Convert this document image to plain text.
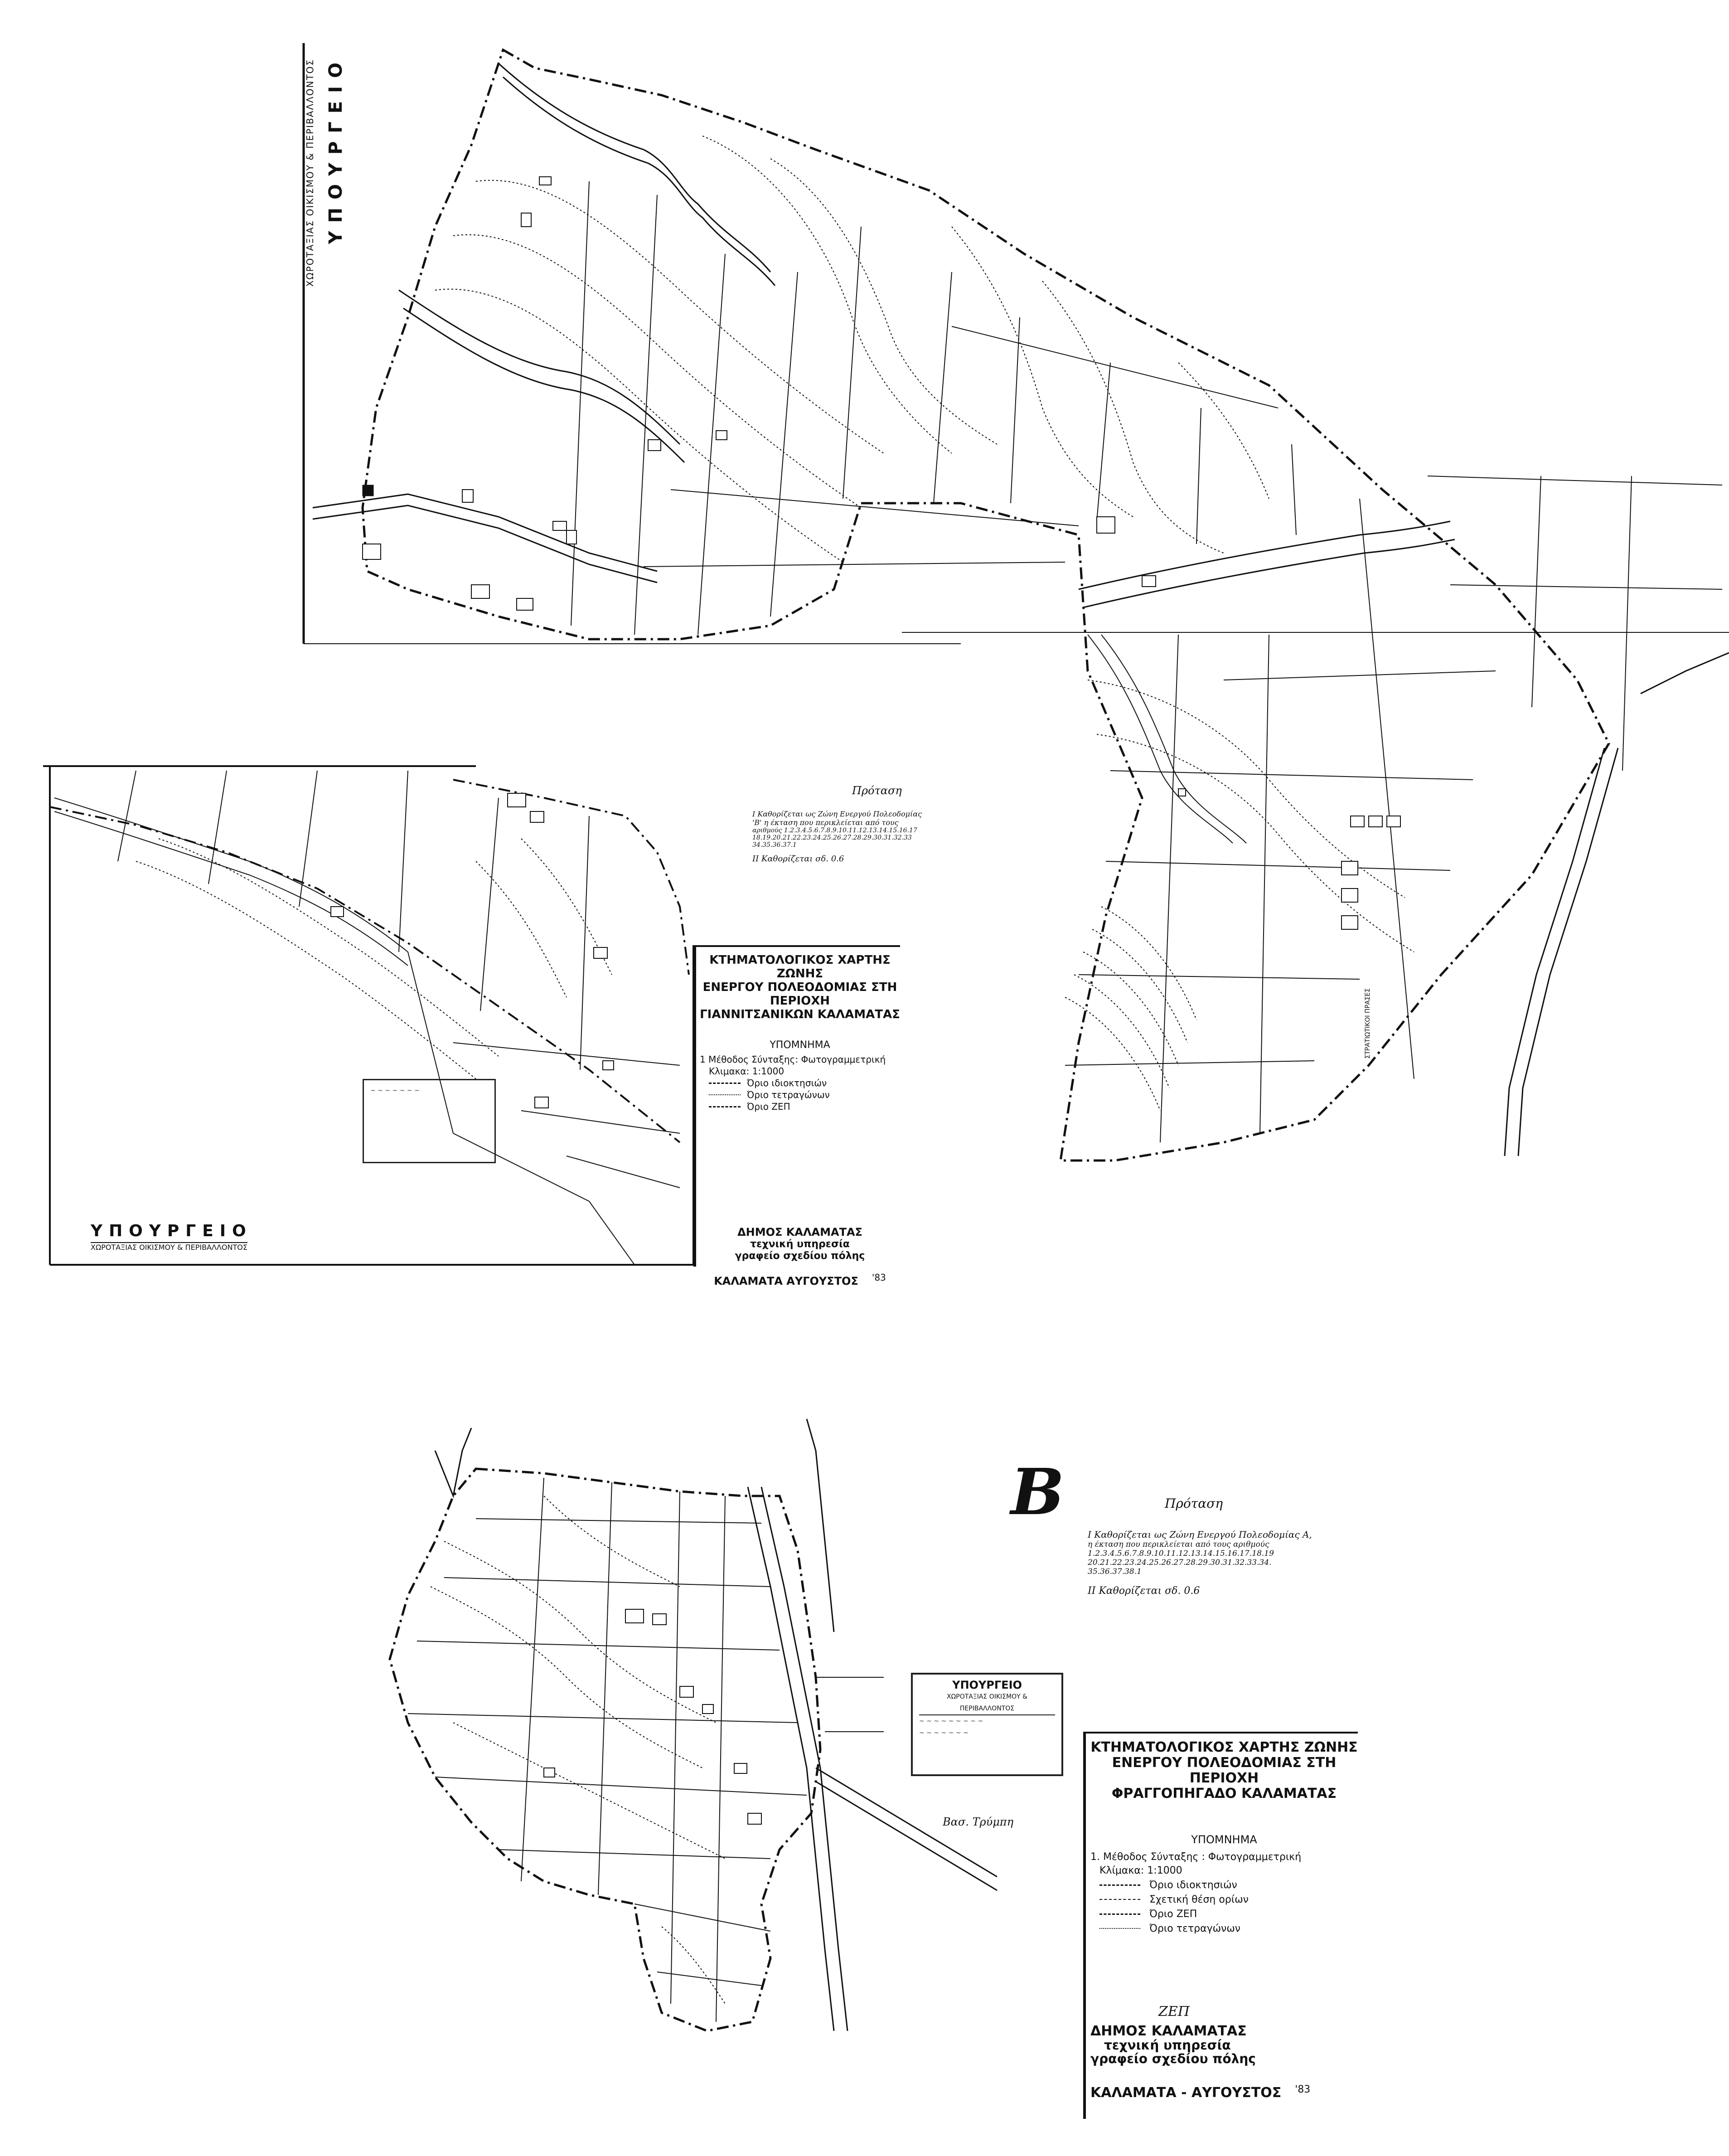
ΥΠΟΥΡΓΕΙΟ
ΧΩΡΟΤΑΞΙΑΣ ΟΙΚΙΣΜΟΥ & ΠΕΡΙΒΑΛΛΟΝΤΟΣ
Πρόταση
Ι Καθορίζεται ως Ζώνη Ενεργού Πολεοδομίας
'Β' η έκταση που περικλείεται από τους
αριθμούς 1.2.3.4.5.6.7.8.9.10.11.12.13.14.15.16.17
18.19.20.21.22.23.24.25.26.27.28.29.30.31.32.33
34.35.36.37.1
ΙΙ Καθορίζεται σδ. 0.6
ΚΤΗΜΑΤΟΛΟΓΙΚΟΣ ΧΑΡΤΗΣ ΖΩΝΗΣ
ΕΝΕΡΓΟΥ ΠΟΛΕΟΔΟΜΙΑΣ ΣΤΗ ΠΕΡΙΟΧΗ
ΓΙΑΝΝΙΤΣΑΝΙΚΩΝ ΚΑΛΑΜΑΤΑΣ
ΥΠΟΜΝΗΜΑ
1 Μέθοδος Σύνταξης: Φωτογραμμετρική
Κλιμακα: 1:1000
Όριο ιδιοκτησιών
Όριο τετραγώνων
Όριο ΖΕΠ
ΔΗΜΟΣ ΚΑΛΑΜΑΤΑΣ
τεχνική υπηρεσία
γραφείο σχεδίου πόλης
ΚΑΛΑΜΑΤΑ ΑΥΓΟΥΣΤΟΣ '83
ΥΠΟΥΡΓΕΙΟ
ΧΩΡΟΤΑΞΙΑΣ ΟΙΚΙΣΜΟΥ & ΠΕΡΙΒΑΛΛΟΝΤΟΣ
~ ~ ~ ~ ~ ~ ~
ΣΤΡΑΤΙΩΤΙΚΟΙ ΠΡΑΣΕΣ
B	Πρόταση
Ι Καθορίζεται ως Ζώνη Ενεργού Πολεοδομίας Α,
η έκταση που περικλείεται από τους αριθμούς
1.2.3.4.5.6.7.8.9.10.11.12.13.14.15.16.17.18.19
20.21.22.23.24.25.26.27.28.29.30.31.32.33.34.
35.36.37.38.1
ΙΙ Καθορίζεται σδ. 0.6
ΚΤΗΜΑΤΟΛΟΓΙΚΟΣ ΧΑΡΤΗΣ ΖΩΝΗΣ
ΕΝΕΡΓΟΥ ΠΟΛΕΟΔΟΜΙΑΣ ΣΤΗ ΠΕΡΙΟΧΗ
ΦΡΑΓΓΟΠΗΓΑΔΟ ΚΑΛΑΜΑΤΑΣ
ΥΠΟΜΝΗΜΑ
1. Μέθοδος Σύνταξης : Φωτογραμμετρική
Κλίμακα: 1:1000
Όριο ιδιοκτησιών
Σχετική θέση ορίων
Όριο ΖΕΠ
Όριο τετραγώνων
ΖΕΠ
ΔΗΜΟΣ ΚΑΛΑΜΑΤΑΣ
τεχνική υπηρεσία
γραφείο σχεδίου πόλης
ΚΑΛΑΜΑΤΑ - ΑΥΓΟΥΣΤΟΣ '83
ΥΠΟΥΡΓΕΙΟ
ΧΩΡΟΤΑΞΙΑΣ ΟΙΚΙΣΜΟΥ & ΠΕΡΙΒΑΛΛΟΝΤΟΣ
~ ~ ~ ~ ~ ~ ~ ~ ~
~ ~ ~ ~ ~ ~ ~
Βασ. Τρύμπη
